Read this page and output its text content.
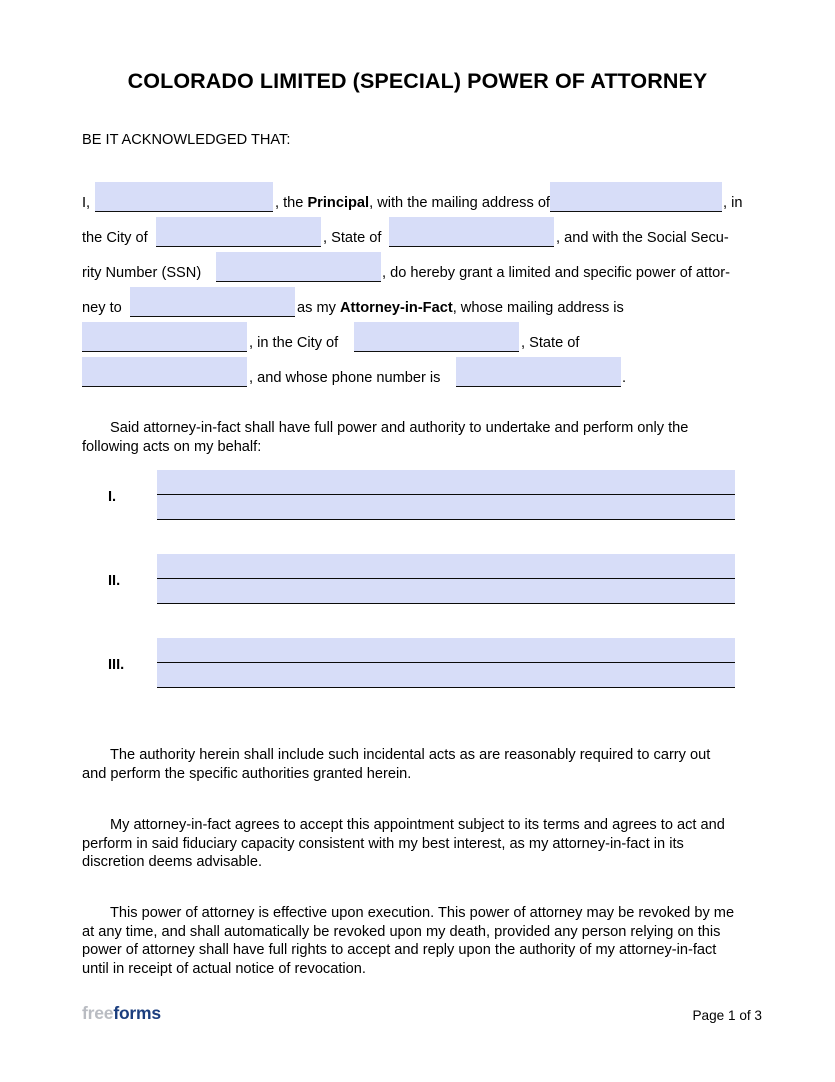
COLORADO LIMITED (SPECIAL) POWER OF ATTORNEY
BE IT ACKNOWLEDGED THAT:
I,	, the Principal, with the mailing address of	, in
the City of	, State of	, and with the Social Secu-
rity Number (SSN)	, do hereby grant a limited and specific power of attor-
ney to	as my Attorney-in-Fact, whose mailing address is
, in the City of	, State of
, and whose phone number is	.
Said attorney-in-fact shall have full power and authority to undertake and perform only the following acts on my behalf:
I.
II.
III.
The authority herein shall include such incidental acts as are reasonably required to carry out and perform the specific authorities granted herein.
My attorney-in-fact agrees to accept this appointment subject to its terms and agrees to act and perform in said fiduciary capacity consistent with my best interest, as my attorney-in-fact in its discretion deems advisable.
This power of attorney is effective upon execution. This power of attorney may be revoked by me at any time, and shall automatically be revoked upon my death, provided any person relying on this power of attorney shall have full rights to accept and reply upon the authority of my attorney-in-fact until in receipt of actual notice of revocation.
freeforms	Page 1 of 3
